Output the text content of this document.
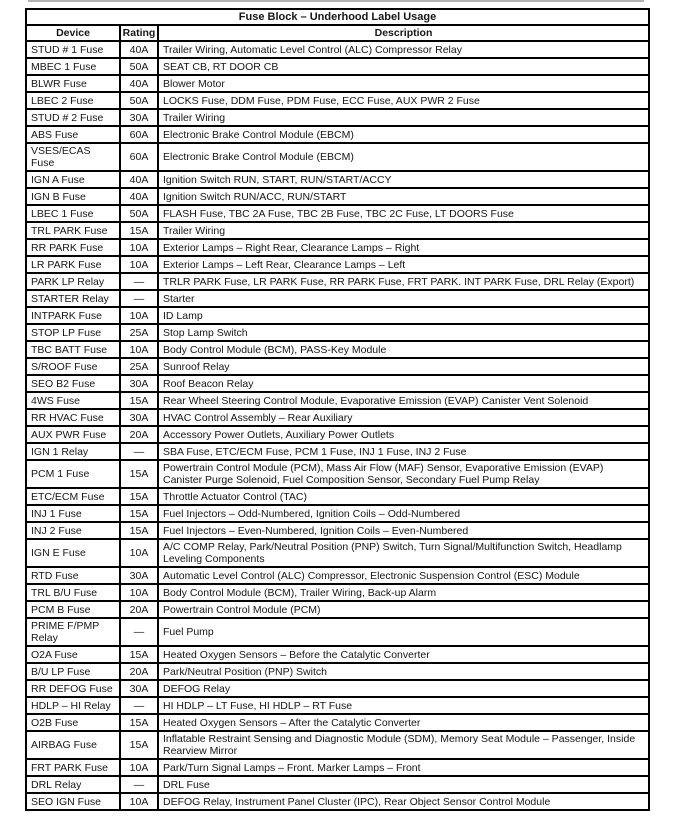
Fuse Block – Underhood Label Usage		
Device	Rating	Description
STUD # 1 Fuse	40A	Trailer Wiring, Automatic Level Control (ALC) Compressor Relay
MBEC 1 Fuse	50A	SEAT CB, RT DOOR CB
BLWR Fuse	40A	Blower Motor
LBEC 2 Fuse	50A	LOCKS Fuse, DDM Fuse, PDM Fuse, ECC Fuse, AUX PWR 2 Fuse
STUD # 2 Fuse	30A	Trailer Wiring
ABS Fuse	60A	Electronic Brake Control Module (EBCM)
VSES/ECAS Fuse	60A	Electronic Brake Control Module (EBCM)
IGN A Fuse	40A	Ignition Switch RUN, START, RUN/START/ACCY
IGN B Fuse	40A	Ignition Switch RUN/ACC, RUN/START
LBEC 1 Fuse	50A	FLASH Fuse, TBC 2A Fuse, TBC 2B Fuse, TBC 2C Fuse, LT DOORS Fuse
TRL PARK Fuse	15A	Trailer Wiring
RR PARK Fuse	10A	Exterior Lamps – Right Rear, Clearance Lamps – Right
LR PARK Fuse	10A	Exterior Lamps – Left Rear, Clearance Lamps – Left
PARK LP Relay	—	TRLR PARK Fuse, LR PARK Fuse, RR PARK Fuse, FRT PARK. INT PARK Fuse, DRL Relay (Export)
STARTER Relay	—	Starter
INTPARK Fuse	10A	ID Lamp
STOP LP Fuse	25A	Stop Lamp Switch
TBC BATT Fuse	10A	Body Control Module (BCM), PASS-Key Module
S/ROOF Fuse	25A	Sunroof Relay
SEO B2 Fuse	30A	Roof Beacon Relay
4WS Fuse	15A	Rear Wheel Steering Control Module, Evaporative Emission (EVAP) Canister Vent Solenoid
RR HVAC Fuse	30A	HVAC Control Assembly – Rear Auxiliary
AUX PWR Fuse	20A	Accessory Power Outlets, Auxiliary Power Outlets
IGN 1 Relay	—	SBA Fuse, ETC/ECM Fuse, PCM 1 Fuse, INJ 1 Fuse, INJ 2 Fuse
PCM 1 Fuse	15A	Powertrain Control Module (PCM), Mass Air Flow (MAF) Sensor, Evaporative Emission (EVAP) Canister Purge Solenoid, Fuel Composition Sensor, Secondary Fuel Pump Relay
ETC/ECM Fuse	15A	Throttle Actuator Control (TAC)
INJ 1 Fuse	15A	Fuel Injectors – Odd-Numbered, Ignition Coils – Odd-Numbered
INJ 2 Fuse	15A	Fuel Injectors – Even-Numbered, Ignition Coils – Even-Numbered
IGN E Fuse	10A	A/C COMP Relay, Park/Neutral Position (PNP) Switch, Turn Signal/Multifunction Switch, Headlamp Leveling Components
RTD Fuse	30A	Automatic Level Control (ALC) Compressor, Electronic Suspension Control (ESC) Module
TRL B/U Fuse	10A	Body Control Module (BCM), Trailer Wiring, Back-up Alarm
PCM B Fuse	20A	Powertrain Control Module (PCM)
PRIME F/PMP Relay	—	Fuel Pump
O2A Fuse	15A	Heated Oxygen Sensors – Before the Catalytic Converter
B/U LP Fuse	20A	Park/Neutral Position (PNP) Switch
RR DEFOG Fuse	30A	DEFOG Relay
HDLP – HI Relay	—	HI HDLP – LT Fuse, HI HDLP – RT Fuse
O2B Fuse	15A	Heated Oxygen Sensors – After the Catalytic Converter
AIRBAG Fuse	15A	Inflatable Restraint Sensing and Diagnostic Module (SDM), Memory Seat Module – Passenger, Inside Rearview Mirror
FRT PARK Fuse	10A	Park/Turn Signal Lamps – Front. Marker Lamps – Front
DRL Relay	—	DRL Fuse
SEO IGN Fuse	10A	DEFOG Relay, Instrument Panel Cluster (IPC), Rear Object Sensor Control Module
